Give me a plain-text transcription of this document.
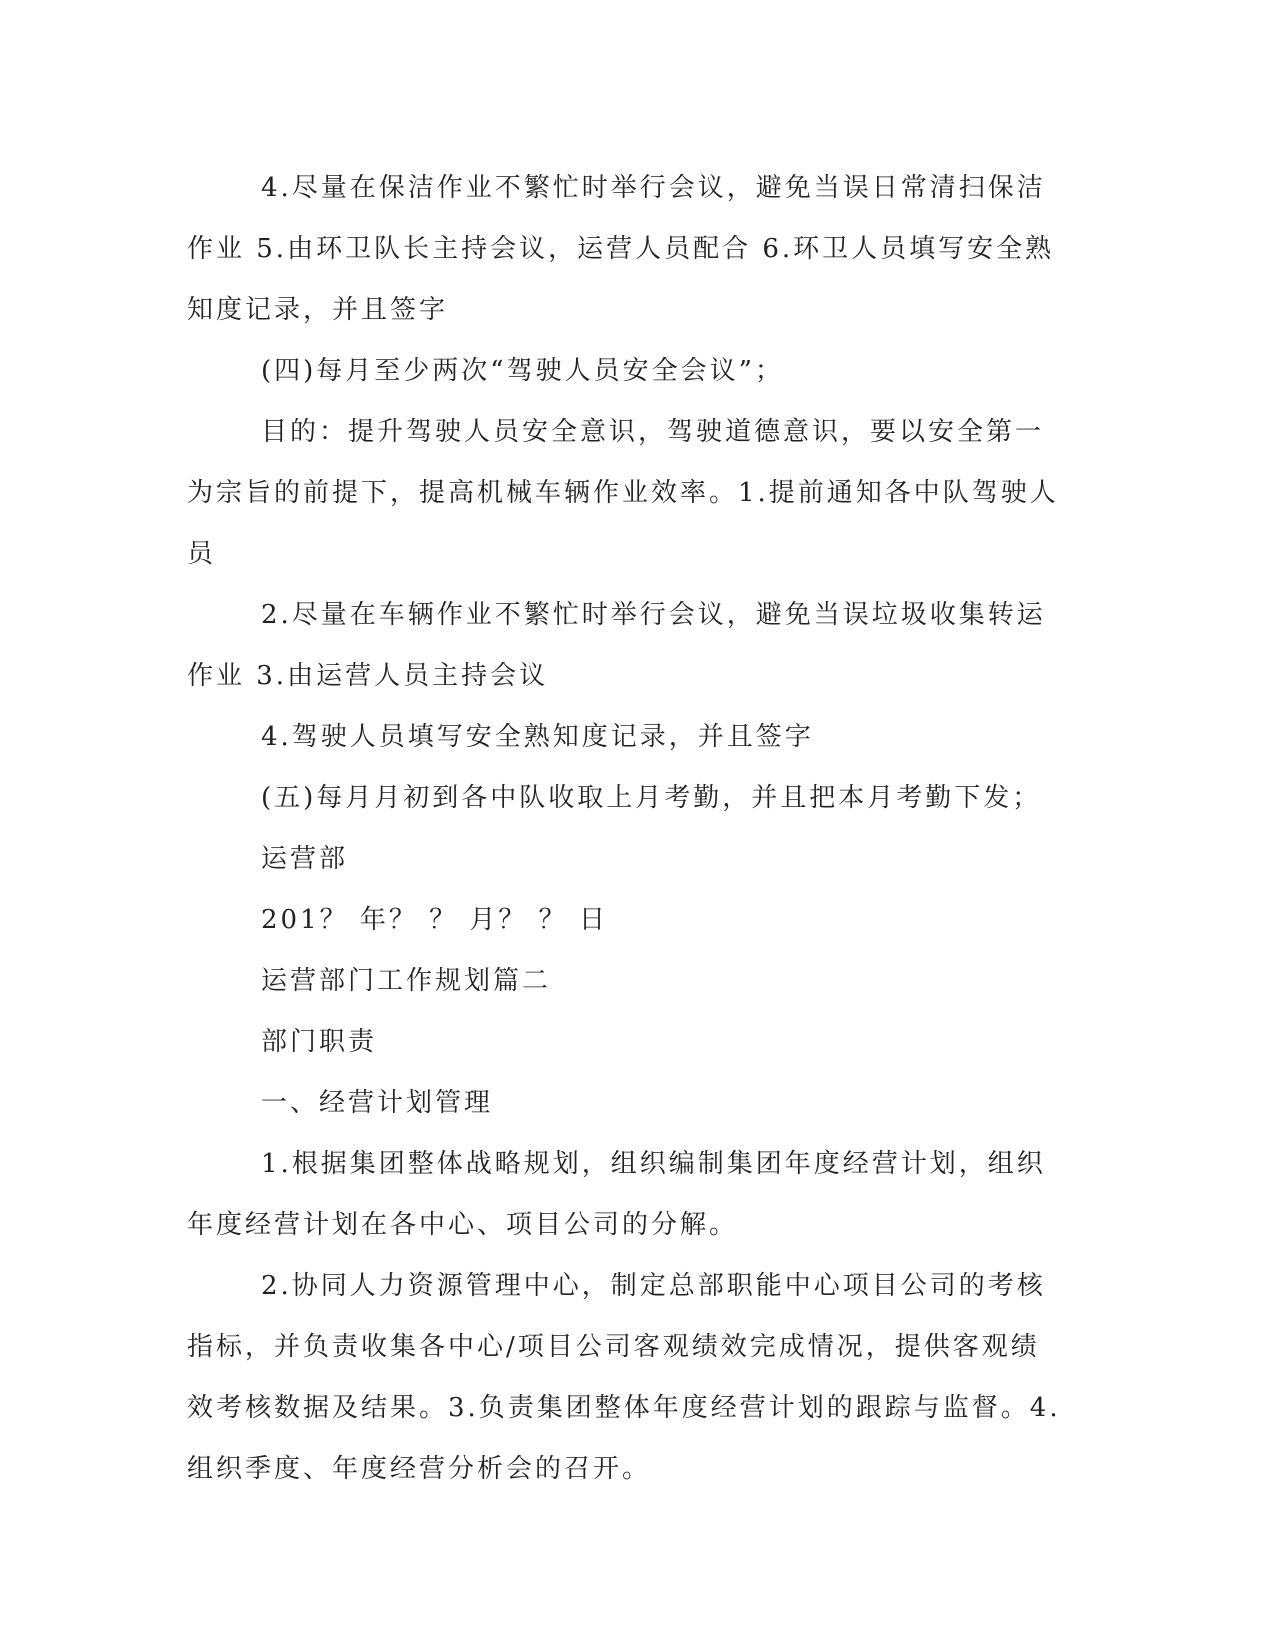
4.尽量在保洁作业不繁忙时举行会议，避免当误日常清扫保洁作业 5.由环卫队长主持会议，运营人员配合 6.环卫人员填写安全熟知度记录，并且签字

(四)每月至少两次“驾驶人员安全会议”；

目的：提升驾驶人员安全意识，驾驶道德意识，要以安全第一为宗旨的前提下，提高机械车辆作业效率。1.提前通知各中队驾驶人员

2.尽量在车辆作业不繁忙时举行会议，避免当误垃圾收集转运作业 3.由运营人员主持会议

4.驾驶人员填写安全熟知度记录，并且签字

(五)每月月初到各中队收取上月考勤，并且把本月考勤下发；

运营部

201？ 年？ ？ 月？ ？ 日

运营部门工作规划篇二

部门职责

一、经营计划管理

1.根据集团整体战略规划，组织编制集团年度经营计划，组织年度经营计划在各中心、项目公司的分解。

2.协同人力资源管理中心，制定总部职能中心项目公司的考核指标，并负责收集各中心/项目公司客观绩效完成情况，提供客观绩效考核数据及结果。3.负责集团整体年度经营计划的跟踪与监督。4.组织季度、年度经营分析会的召开。
